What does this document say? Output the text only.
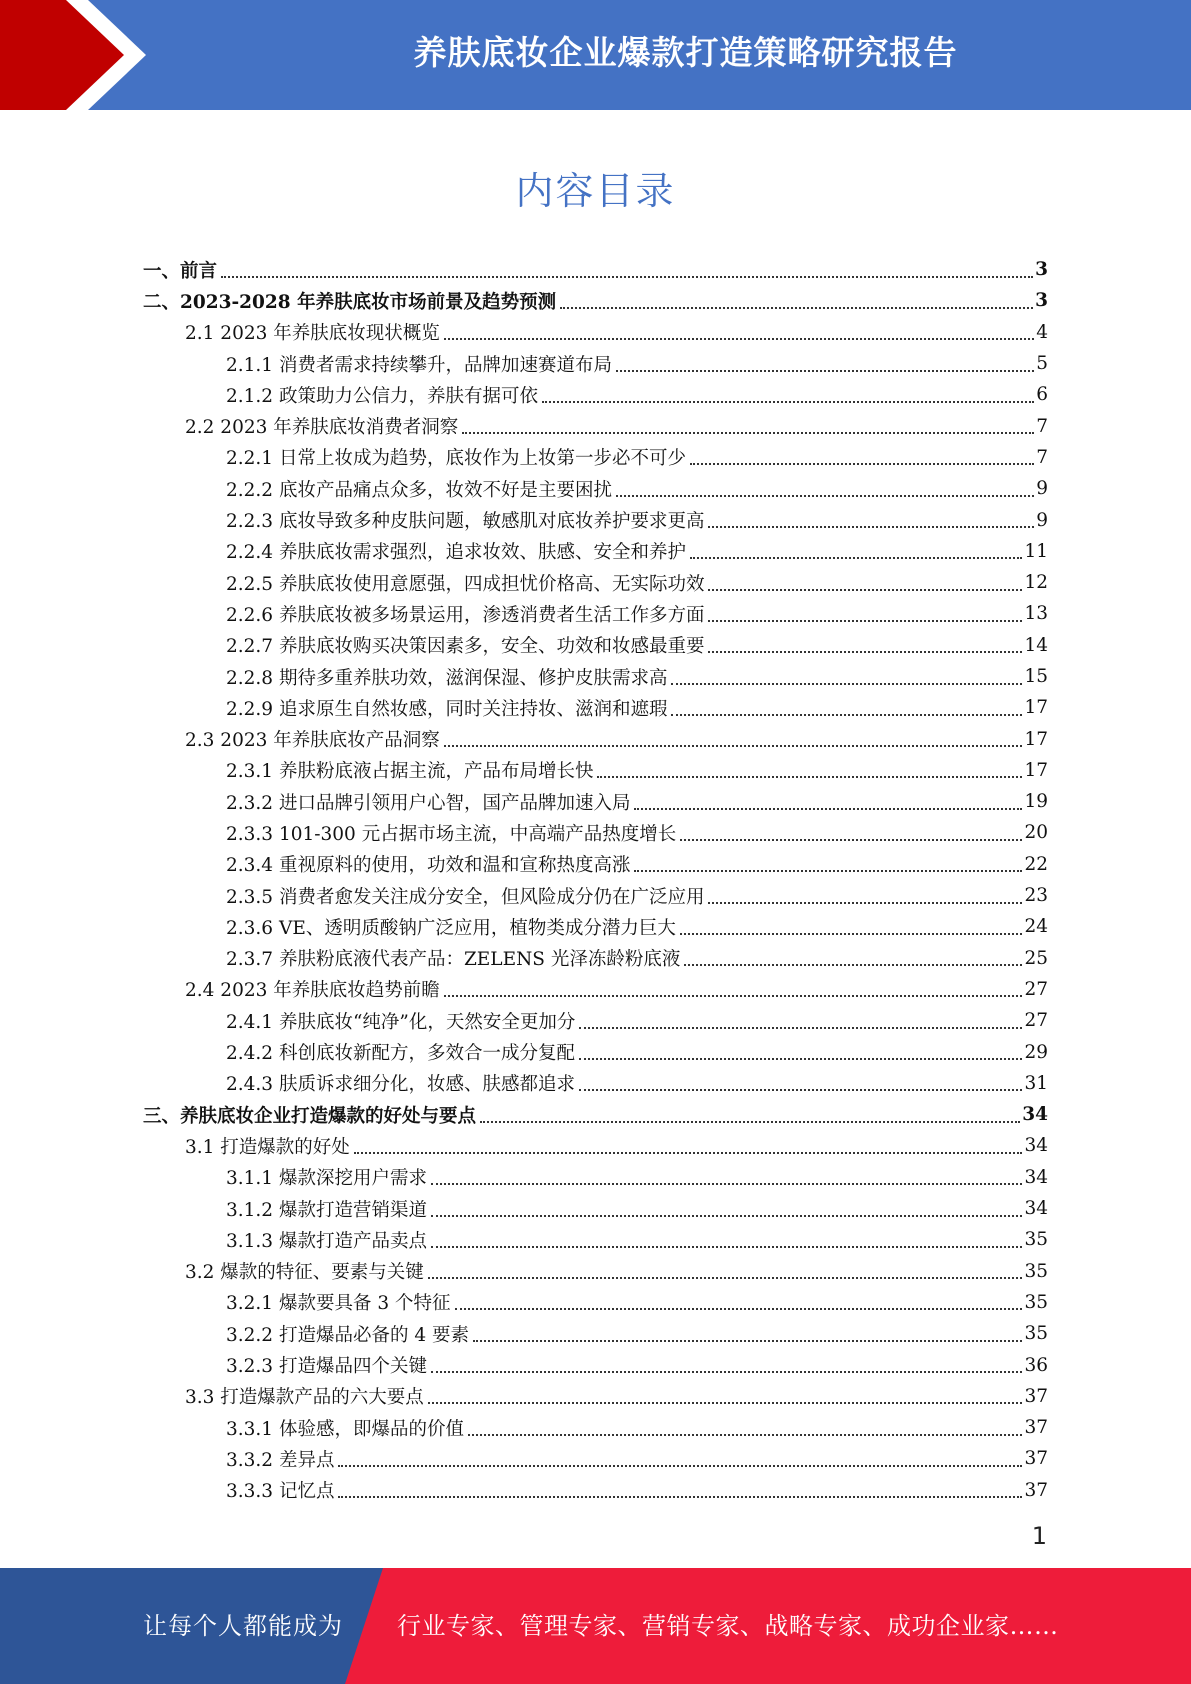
养肤底妆企业爆款打造策略研究报告
内容目录
一、前言	3
二、2023-2028 年养肤底妆市场前景及趋势预测	3
2.1 2023 年养肤底妆现状概览	4
2.1.1 消费者需求持续攀升，品牌加速赛道布局	5
2.1.2 政策助力公信力，养肤有据可依	6
2.2 2023 年养肤底妆消费者洞察	7
2.2.1 日常上妆成为趋势，底妆作为上妆第一步必不可少	7
2.2.2 底妆产品痛点众多，妆效不好是主要困扰	9
2.2.3 底妆导致多种皮肤问题，敏感肌对底妆养护要求更高	9
2.2.4 养肤底妆需求强烈，追求妆效、肤感、安全和养护	11
2.2.5 养肤底妆使用意愿强，四成担忧价格高、无实际功效	12
2.2.6 养肤底妆被多场景运用，渗透消费者生活工作多方面	13
2.2.7 养肤底妆购买决策因素多，安全、功效和妆感最重要	14
2.2.8 期待多重养肤功效，滋润保湿、修护皮肤需求高	15
2.2.9 追求原生自然妆感，同时关注持妆、滋润和遮瑕	17
2.3 2023 年养肤底妆产品洞察	17
2.3.1 养肤粉底液占据主流，产品布局增长快	17
2.3.2 进口品牌引领用户心智，国产品牌加速入局	19
2.3.3 101-300 元占据市场主流，中高端产品热度增长	20
2.3.4 重视原料的使用，功效和温和宣称热度高涨	22
2.3.5 消费者愈发关注成分安全，但风险成分仍在广泛应用	23
2.3.6 VE、透明质酸钠广泛应用，植物类成分潜力巨大	24
2.3.7 养肤粉底液代表产品：ZELENS 光泽冻龄粉底液	25
2.4 2023 年养肤底妆趋势前瞻	27
2.4.1 养肤底妆“纯净”化，天然安全更加分	27
2.4.2 科创底妆新配方，多效合一成分复配	29
2.4.3 肤质诉求细分化，妆感、肤感都追求	31
三、养肤底妆企业打造爆款的好处与要点	34
3.1 打造爆款的好处	34
3.1.1 爆款深挖用户需求	34
3.1.2 爆款打造营销渠道	34
3.1.3 爆款打造产品卖点	35
3.2 爆款的特征、要素与关键	35
3.2.1 爆款要具备 3 个特征	35
3.2.2 打造爆品必备的 4 要素	35
3.2.3 打造爆品四个关键	36
3.3 打造爆款产品的六大要点	37
3.3.1 体验感，即爆品的价值	37
3.3.2 差异点	37
3.3.3 记忆点	37
1
让每个人都能成为 行业专家、管理专家、营销专家、战略专家、成功企业家……
